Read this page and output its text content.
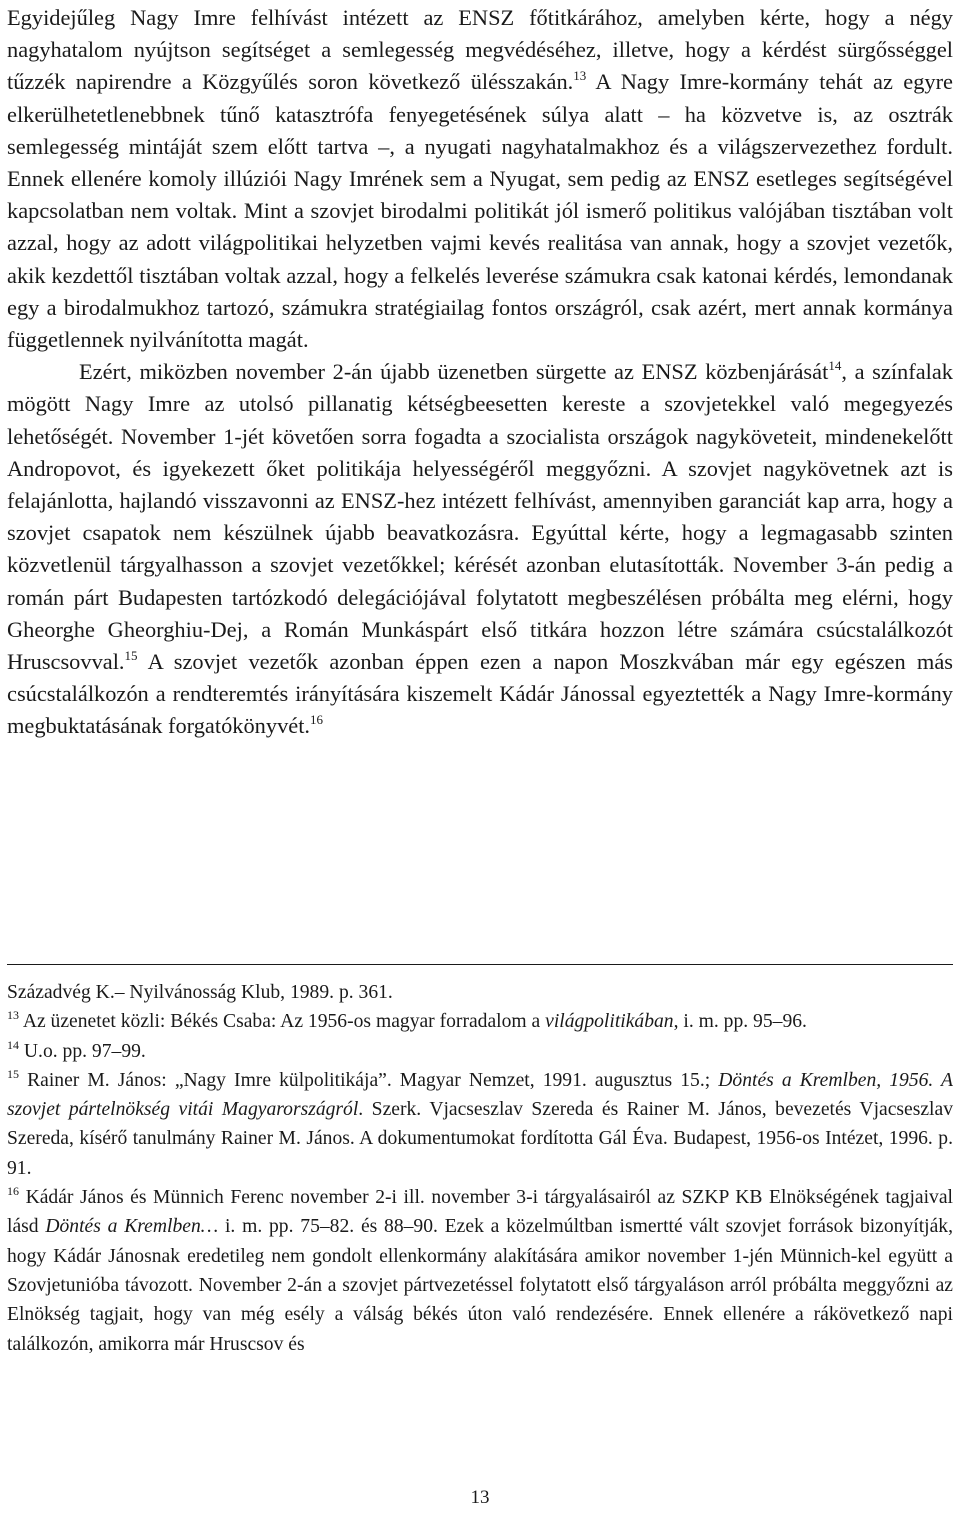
Egyidejűleg Nagy Imre felhívást intézett az ENSZ főtitkárához, amelyben kérte, hogy a négy nagyhatalom nyújtson segítséget a semlegesség megvédéséhez, illetve, hogy a kérdést sürgősséggel tűzzék napirendre a Közgyűlés soron következő ülésszakán.$^{13}$ A Nagy Imre-kormány tehát az egyre elkerülhetetlenebbnek tűnő katasztrófa fenyegetésének súlya alatt – ha közvetve is, az osztrák semlegesség mintáját szem előtt tartva –, a nyugati nagyhatalmakhoz és a világszervezethez fordult. Ennek ellenére komoly illúziói Nagy Imrének sem a Nyugat, sem pedig az ENSZ esetleges segítségével kapcsolatban nem voltak. Mint a szovjet birodalmi politikát jól ismerő politikus valójában tisztában volt azzal, hogy az adott világpolitikai helyzetben vajmi kevés realitása van annak, hogy a szovjet vezetők, akik kezdettől tisztában voltak azzal, hogy a felkelés leverése számukra csak katonai kérdés, lemondanak egy a birodalmukhoz tartozó, számukra stratégiailag fontos országról, csak azért, mert annak kormánya függetlennek nyilvánította magát.

Ezért, miközben november 2-án újabb üzenetben sürgette az ENSZ közbenjárását$^{14}$, a színfalak mögött Nagy Imre az utolsó pillanatig kétségbeesetten kereste a szovjetekkel való megegyezés lehetőségét. November 1-jét követően sorra fogadta a szocialista országok nagyköveteit, mindenekelőtt Andropovot, és igyekezett őket politikája helyességéről meggyőzni. A szovjet nagykövetnek azt is felajánlotta, hajlandó visszavonni az ENSZ-hez intézett felhívást, amennyiben garanciát kap arra, hogy a szovjet csapatok nem készülnek újabb beavatkozásra. Egyúttal kérte, hogy a legmagasabb szinten közvetlenül tárgyalhasson a szovjet vezetőkkel; kérését azonban elutasították. November 3-án pedig a román párt Budapesten tartózkodó delegációjával folytatott megbeszélésen próbálta meg elérni, hogy Gheorghe Gheorghiu-Dej, a Román Munkáspárt első titkára hozzon létre számára csúcstalálkozót Hruscsovval.$^{15}$ A szovjet vezetők azonban éppen ezen a napon Moszkvában már egy egészen más csúcstalálkozón a rendteremtés irányítására kiszemelt Kádár Jánossal egyeztették a Nagy Imre-kormány megbuktatásának forgatókönyvét.$^{16}$

Századvég K.– Nyilvánosság Klub, 1989. p. 361.

$^{13}$ Az üzenetet közli: Békés Csaba: Az 1956-os magyar forradalom a világpolitikában, i. m. pp. 95–96.

$^{14}$ U.o. pp. 97–99.

$^{15}$ Rainer M. János: „Nagy Imre külpolitikája”. Magyar Nemzet, 1991. augusztus 15.; Döntés a Kremlben, 1956. A szovjet pártelnökség vitái Magyarországról. Szerk. Vjacseszlav Szereda és Rainer M. János, bevezetés Vjacseszlav Szereda, kísérő tanulmány Rainer M. János. A dokumentumokat fordította Gál Éva. Budapest, 1956-os Intézet, 1996. p. 91.

$^{16}$ Kádár János és Münnich Ferenc november 2-i ill. november 3-i tárgyalásairól az SZKP KB Elnökségének tagjaival lásd Döntés a Kremlben… i. m. pp. 75–82. és 88–90. Ezek a közelmúltban ismertté vált szovjet források bizonyítják, hogy Kádár Jánosnak eredetileg nem gondolt ellenkormány alakítására amikor november 1-jén Münnich-kel együtt a Szovjetunióba távozott. November 2-án a szovjet pártvezetéssel folytatott első tárgyaláson arról próbálta meggyőzni az Elnökség tagjait, hogy van még esély a válság békés úton való rendezésére. Ennek ellenére a rákövetkező napi találkozón, amikorra már Hruscsov és

13
